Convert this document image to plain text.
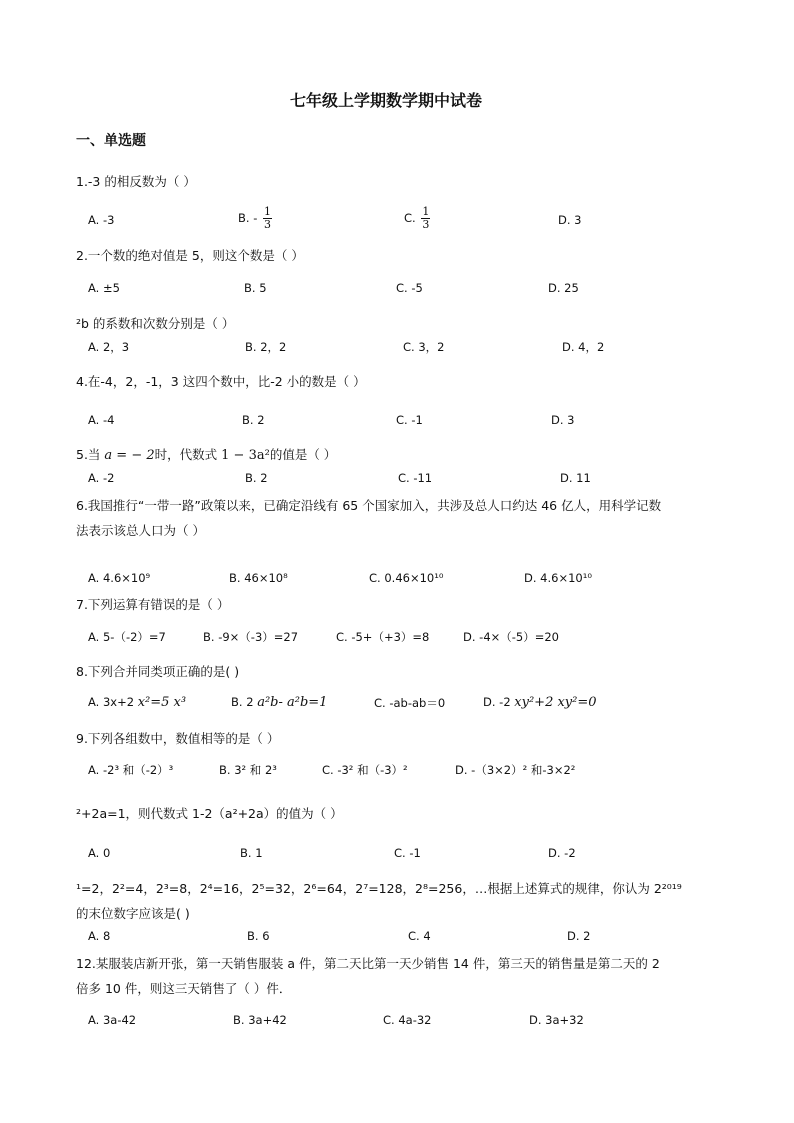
七年级上学期数学期中试卷
一、单选题
1.-3 的相反数为（ ）
A. -3	B. - $\frac{1}{3}$	C. $\frac{1}{3}$	D. 3
2.一个数的绝对值是 5，则这个数是（ ）
A. ±5	B. 5	C. -5	D. 25
²b 的系数和次数分别是（ ）
A. 2，3	B. 2，2	C. 3，2	D. 4，2
4.在-4，2，-1，3 这四个数中，比-2 小的数是（ ）
A. -4	B. 2	C. -1	D. 3
5.当 a = − 2时，代数式 1 − 3a²的值是（ ）
A. -2	B. 2	C. -11	D. 11
6.我国推行“一带一路”政策以来，已确定沿线有 65 个国家加入，共涉及总人口约达 46 亿人，用科学记数
法表示该总人口为（ ）
A. 4.6×10⁹	B. 46×10⁸	C. 0.46×10¹⁰	D. 4.6×10¹⁰
7.下列运算有错误的是（ ）
A. 5-（-2）=7	B. -9×（-3）=27	C. -5+（+3）=8	D. -4×（-5）=20
8.下列合并同类项正确的是( )
A. 3x+2 x²=5 x³	B. 2 a²b- a²b=1	C. -ab-ab＝0	D. -2 xy²+2 xy²=0
9.下列各组数中，数值相等的是（ ）
A. -2³ 和（-2）³	B. 3² 和 2³	C. -3² 和（-3）²	D. -（3×2）² 和-3×2²
²+2a=1，则代数式 1-2（a²+2a）的值为（ ）
A. 0	B. 1	C. -1	D. -2
¹=2，2²=4，2³=8，2⁴=16，2⁵=32，2⁶=64，2⁷=128，2⁸=256，…根据上述算式的规律，你认为 2²⁰¹⁹
的末位数字应该是( )
A. 8	B. 6	C. 4	D. 2
12.某服装店新开张，第一天销售服装 a 件，第二天比第一天少销售 14 件，第三天的销售量是第二天的 2
倍多 10 件，则这三天销售了（ ）件．
A. 3a-42	B. 3a+42	C. 4a-32	D. 3a+32
